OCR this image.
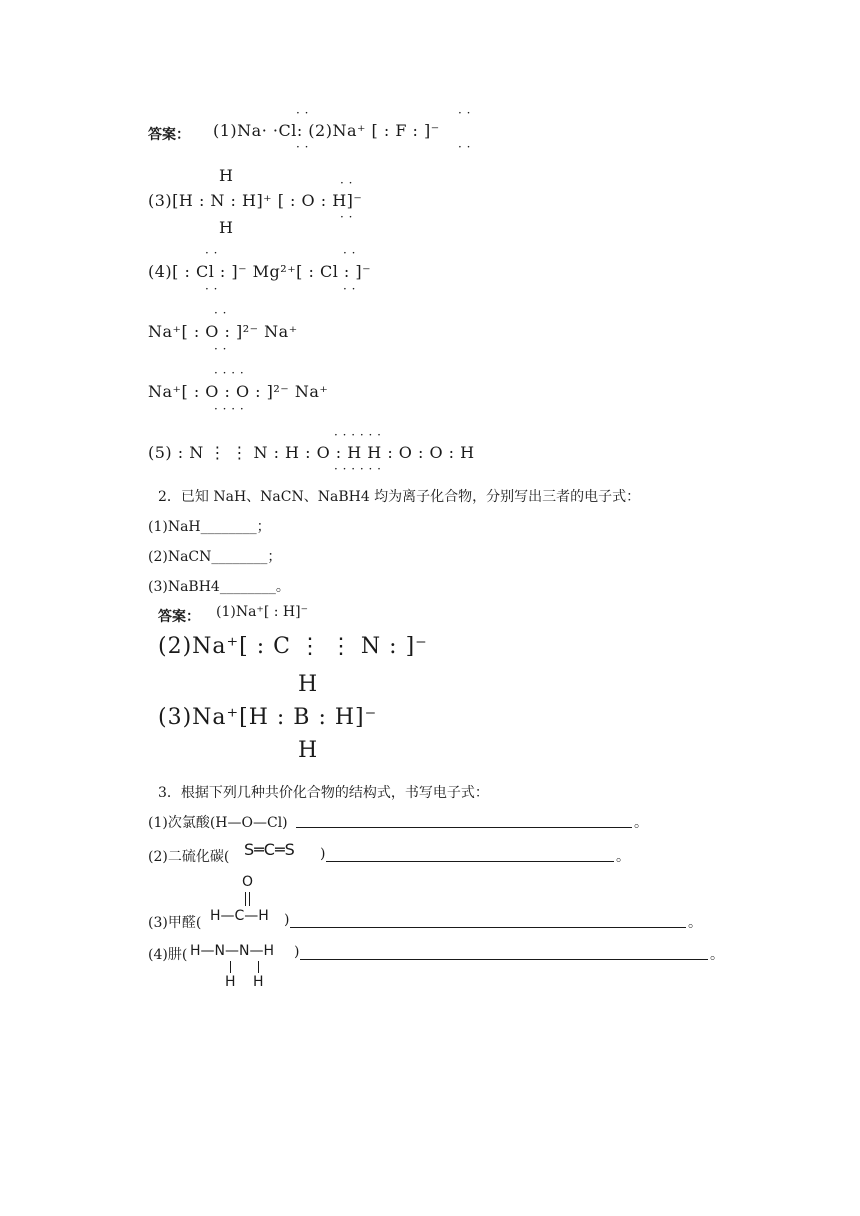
答案： (1)Na· ·Cl: (2)Na⁺ [ : F : ]⁻
· ·
· ·
· ·
· ·
H
(3)[H : N : H]⁺ [ : O : H]⁻
H
· ·
· ·
· ·
(4)[ : Cl : ]⁻ Mg²⁺[ : Cl : ]⁻
· ·
· ·
· ·
· ·
Na⁺[ : O : ]²⁻ Na⁺
· ·
· · · ·
Na⁺[ : O : O : ]²⁻ Na⁺
· · · ·
· · · · · ·
(5) : N ⋮ ⋮ N : H : O : H H : O : O : H
· · · · · ·
2．已知 NaH、NaCN、NaBH4 均为离子化合物，分别写出三者的电子式：
(1)NaH________；
(2)NaCN________；
(3)NaBH4________。
答案： (1)Na⁺[ : H]⁻
(2)Na⁺[ : C ⋮ ⋮ N : ]⁻
H
(3)Na⁺[H : B : H]⁻
H
3．根据下列几种共价化合物的结构式，书写电子式：
(1)次氯酸(H—O—Cl)	。
(2)二硫化碳( S═C═S )	。
O
(3)甲醛( H—C—H )	。
(4)肼( H—N—N—H )
H H
。
